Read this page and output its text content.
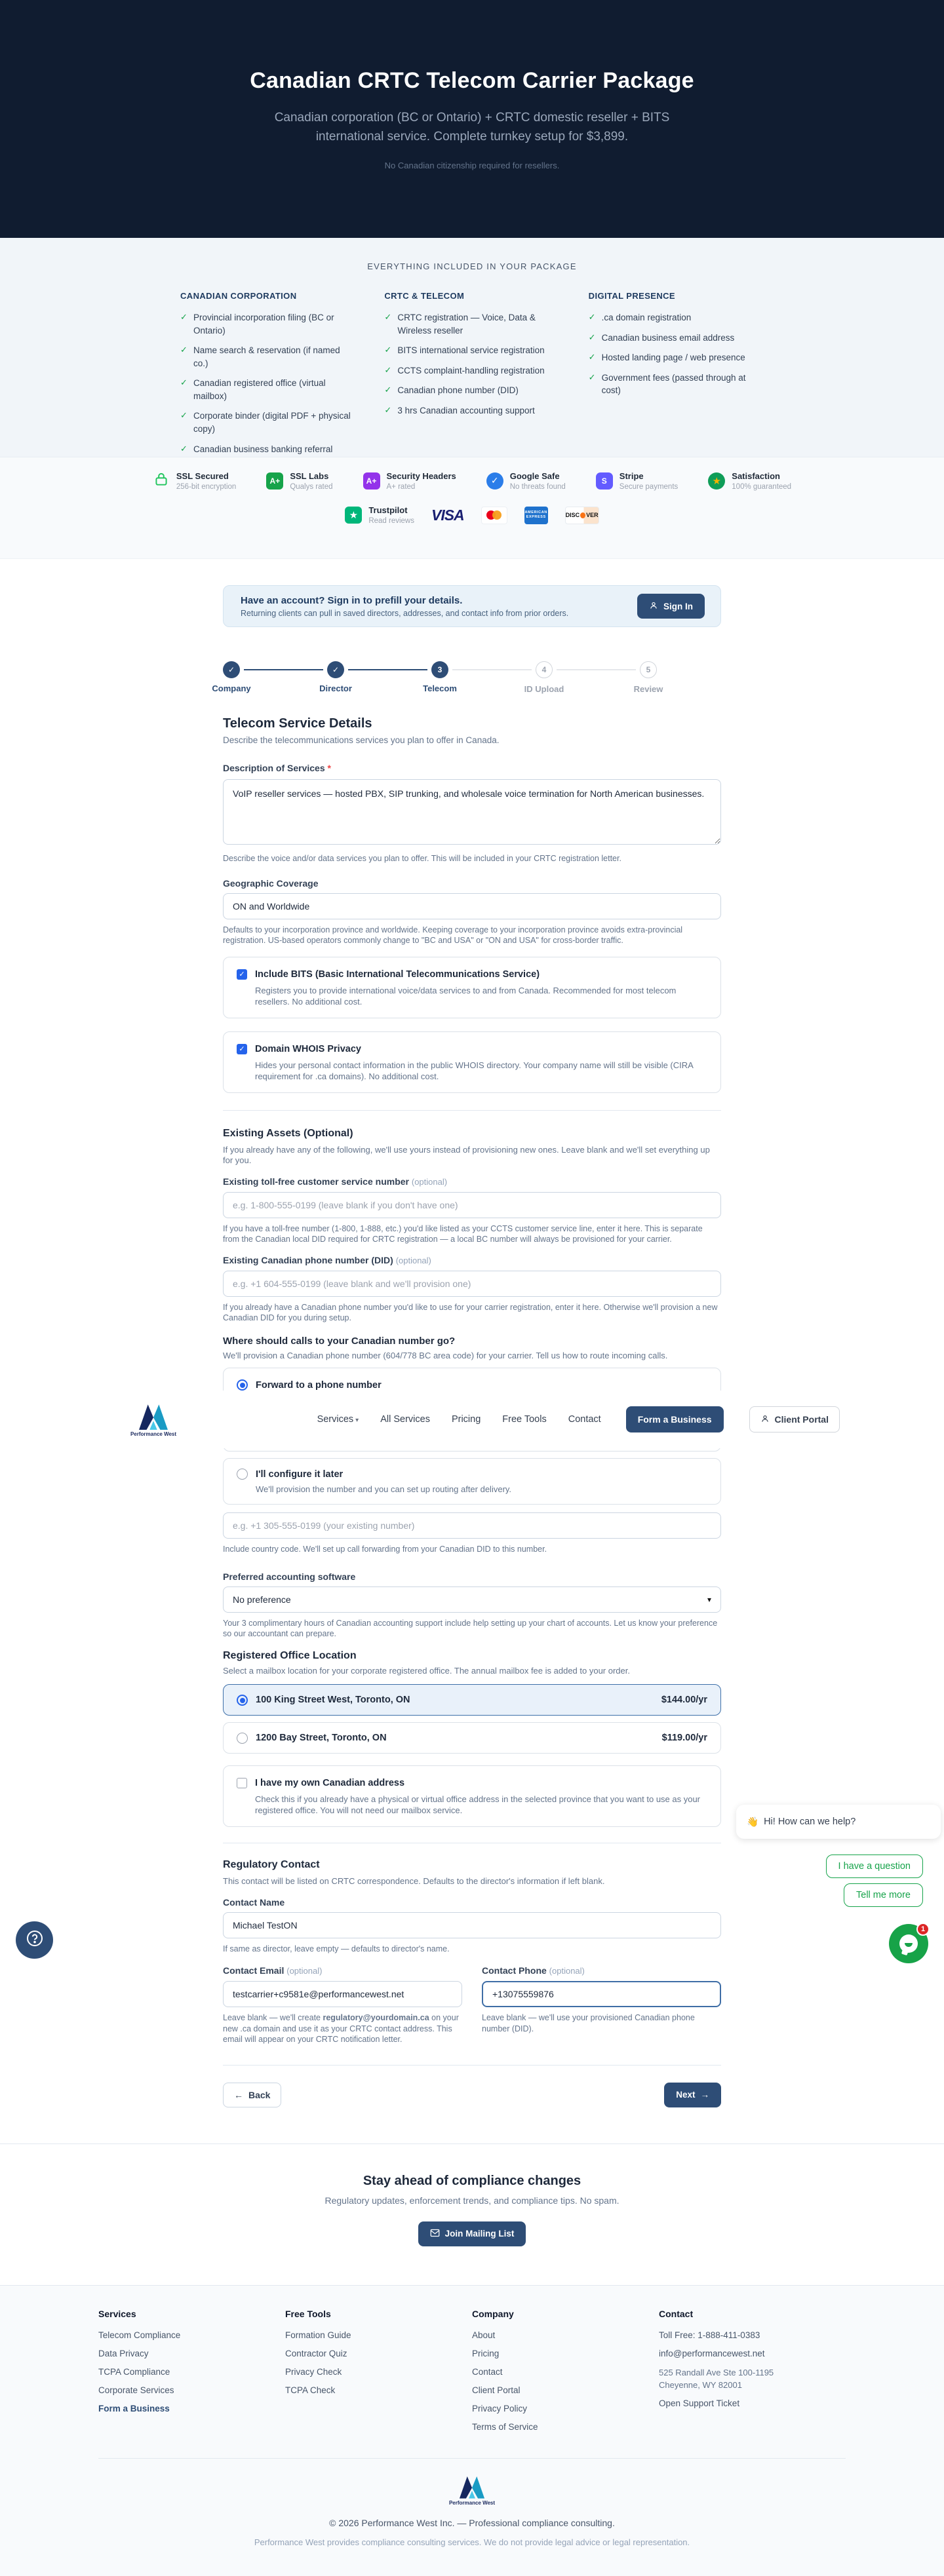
Canadian CRTC Telecom Carrier Package
Canadian corporation (BC or Ontario) + CRTC domestic reseller + BITS international service. Complete turnkey setup for $3,899.
No Canadian citizenship required for resellers.
EVERYTHING INCLUDED IN YOUR PACKAGE
CANADIAN CORPORATION
✓ Provincial incorporation filing (BC or Ontario)
✓ Name search & reservation (if named co.)
✓ Canadian registered office (virtual mailbox)
✓ Corporate binder (digital PDF + physical copy)
✓ Canadian business banking referral
CRTC & TELECOM
✓ CRTC registration — Voice, Data & Wireless reseller
✓ BITS international service registration
✓ CCTS complaint-handling registration
✓ Canadian phone number (DID)
✓ 3 hrs Canadian accounting support
DIGITAL PRESENCE
✓ .ca domain registration
✓ Canadian business email address
✓ Hosted landing page / web presence
✓ Government fees (passed through at cost)
SSL Secured
256-bit encryption
A+	SSL Labs
Qualys rated
A+	Security Headers
A+ rated
✓	Google Safe
No threats found
S	Stripe
Secure payments	★	Satisfaction
100% guaranteed
★	Trustpilot
Read reviews VISA	AMERICAN
EXPRESS	DISC VER
Have an account? Sign in to prefill your details.
Returning clients can pull in saved directors, addresses, and contact info from prior orders.
Sign In
✓
Company
✓
Director
3
Telecom
4
ID Upload
5
Review
Telecom Service Details
Describe the telecommunications services you plan to offer in Canada.
Description of Services *
VoIP reseller services — hosted PBX, SIP trunking, and wholesale voice termination for North American businesses.
Describe the voice and/or data services you plan to offer. This will be included in your CRTC registration letter.
Geographic Coverage
ON and Worldwide
Defaults to your incorporation province and worldwide. Keeping coverage to your incorporation province avoids extra-provincial registration. US-based operators commonly change to "BC and USA" or "ON and USA" for cross-border traffic.
✓ Include BITS (Basic International Telecommunications Service)
Registers you to provide international voice/data services to and from Canada. Recommended for most telecom resellers. No additional cost.
✓ Domain WHOIS Privacy
Hides your personal contact information in the public WHOIS directory. Your company name will still be visible (CIRA requirement for .ca domains). No additional cost.
Existing Assets (Optional)
If you already have any of the following, we'll use yours instead of provisioning new ones. Leave blank and we'll set everything up for you.
Existing toll-free customer service number (optional)
e.g. 1-800-555-0199 (leave blank if you don't have one)
If you have a toll-free number (1-800, 1-888, etc.) you'd like listed as your CCTS customer service line, enter it here. This is separate from the Canadian local DID required for CRTC registration — a local BC number will always be provisioned for your carrier.
Existing Canadian phone number (DID) (optional)
e.g. +1 604-555-0199 (leave blank and we'll provision one)
If you already have a Canadian phone number you'd like to use for your carrier registration, enter it here. Otherwise we'll provision a new Canadian DID for you during setup.
Where should calls to your Canadian number go?
We'll provision a Canadian phone number (604/778 BC area code) for your carrier. Tell us how to route incoming calls.
Forward to a phone number
Performance West
Services ▾ All Services Pricing Free Tools Contact	Form a Business	Client Portal
I'll configure it later
We'll provision the number and you can set up routing after delivery.
e.g. +1 305-555-0199 (your existing number)
Include country code. We'll set up call forwarding from your Canadian DID to this number.
Preferred accounting software
No preference	▾
Your 3 complimentary hours of Canadian accounting support include help setting up your chart of accounts. Let us know your preference so our accountant can prepare.
Registered Office Location
Select a mailbox location for your corporate registered office. The annual mailbox fee is added to your order.
100 King Street West, Toronto, ON	$144.00/yr
1200 Bay Street, Toronto, ON	$119.00/yr
I have my own Canadian address
Check this if you already have a physical or virtual office address in the selected province that you want to use as your registered office. You will not need our mailbox service.
Regulatory Contact
This contact will be listed on CRTC correspondence. Defaults to the director's information if left blank.
Contact Name
Michael TestON
If same as director, leave empty — defaults to director's name.
Contact Email (optional)
testcarrier+c9581e@performancewest.net
Leave blank — we'll create regulatory@yourdomain.ca on your new .ca domain and use it as your CRTC contact address. This email will appear on your CRTC notification letter.
Contact Phone (optional)
+13075559876
Leave blank — we'll use your provisioned Canadian phone number (DID).
← Back	Next →
Stay ahead of compliance changes
Regulatory updates, enforcement trends, and compliance tips. No spam.
Join Mailing List
Services
Telecom Compliance
Data Privacy
TCPA Compliance
Corporate Services
Form a Business
Free Tools
Formation Guide
Contractor Quiz
Privacy Check
TCPA Check
Company
About
Pricing
Contact
Client Portal
Privacy Policy
Terms of Service
Contact
Toll Free: 1-888-411-0383
info@performancewest.net
525 Randall Ave Ste 100-1195
Cheyenne, WY 82001
Open Support Ticket
Performance West
© 2026 Performance West Inc. — Professional compliance consulting.
Performance West provides compliance consulting services. We do not provide legal advice or legal representation.
👋 Hi! How can we help?
I have a question
Tell me more
1
